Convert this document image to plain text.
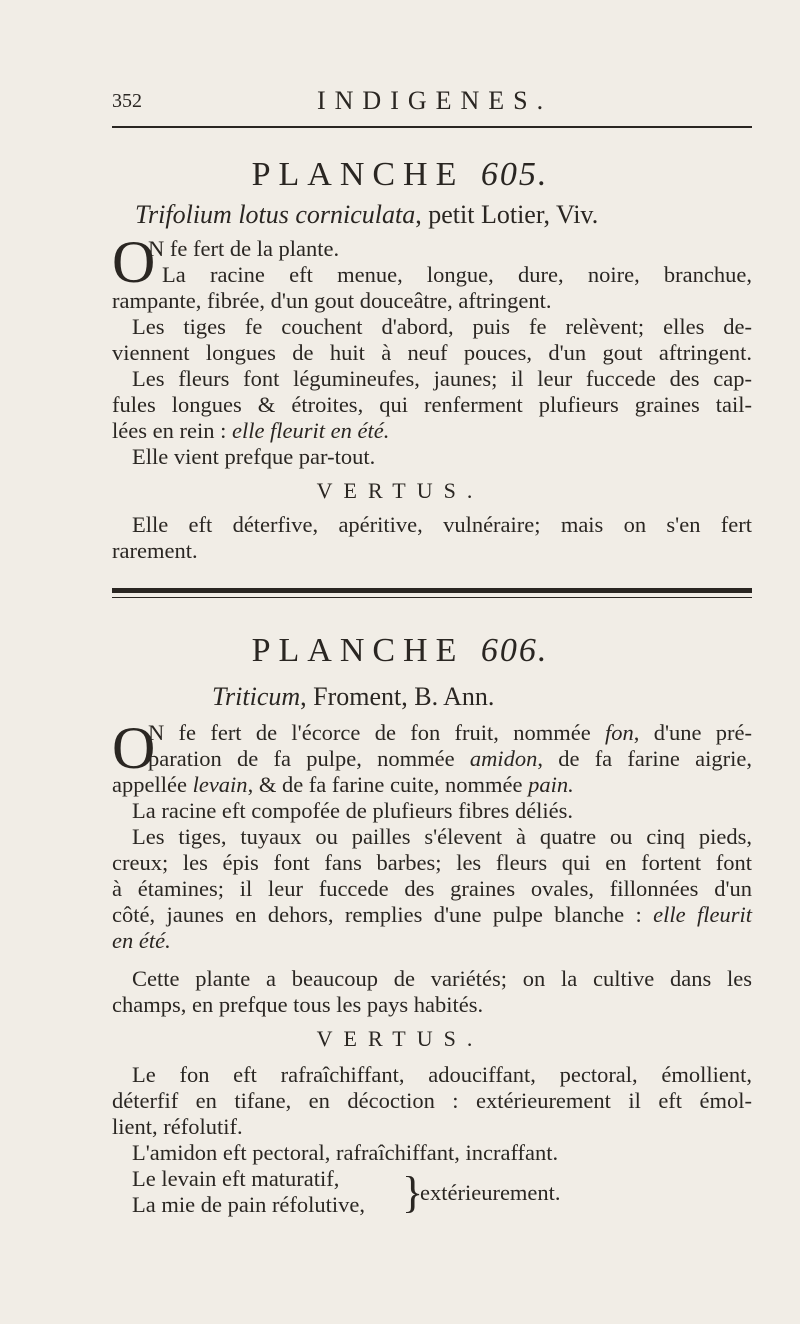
352	INDIGENES.
PLANCHE 605.
Trifolium lotus corniculata, petit Lotier, Viv.
O
N fe fert de la plante.
La racine eft menue, longue, dure, noire, branchue,
rampante, fibrée, d'un gout douceâtre, aftringent.
Les tiges fe couchent d'abord, puis fe relèvent; elles de-
viennent longues de huit à neuf pouces, d'un gout aftringent.
Les fleurs font légumineufes, jaunes; il leur fuccede des cap-
fules longues & étroites, qui renferment plufieurs graines tail-
lées en rein : elle fleurit en été.
Elle vient prefque par-tout.
VERTUS.
Elle eft déterfive, apéritive, vulnéraire; mais on s'en fert
rarement.
PLANCHE 606.
Triticum, Froment, B. Ann.
O
N fe fert de l'écorce de fon fruit, nommée fon, d'une pré-
paration de fa pulpe, nommée amidon, de fa farine aigrie,
appellée levain, & de fa farine cuite, nommée pain.
La racine eft compofée de plufieurs fibres déliés.
Les tiges, tuyaux ou pailles s'élevent à quatre ou cinq pieds,
creux; les épis font fans barbes; les fleurs qui en fortent font
à étamines; il leur fuccede des graines ovales, fillonnées d'un
côté, jaunes en dehors, remplies d'une pulpe blanche : elle fleurit
en été.
Cette plante a beaucoup de variétés; on la cultive dans les
champs, en prefque tous les pays habités.
VERTUS.
Le fon eft rafraîchiffant, adouciffant, pectoral, émollient,
déterfif en tifane, en décoction : extérieurement il eft émol-
lient, réfolutif.
L'amidon eft pectoral, rafraîchiffant, incraffant.
Le levain eft maturatif,
La mie de pain réfolutive, }
extérieurement.
